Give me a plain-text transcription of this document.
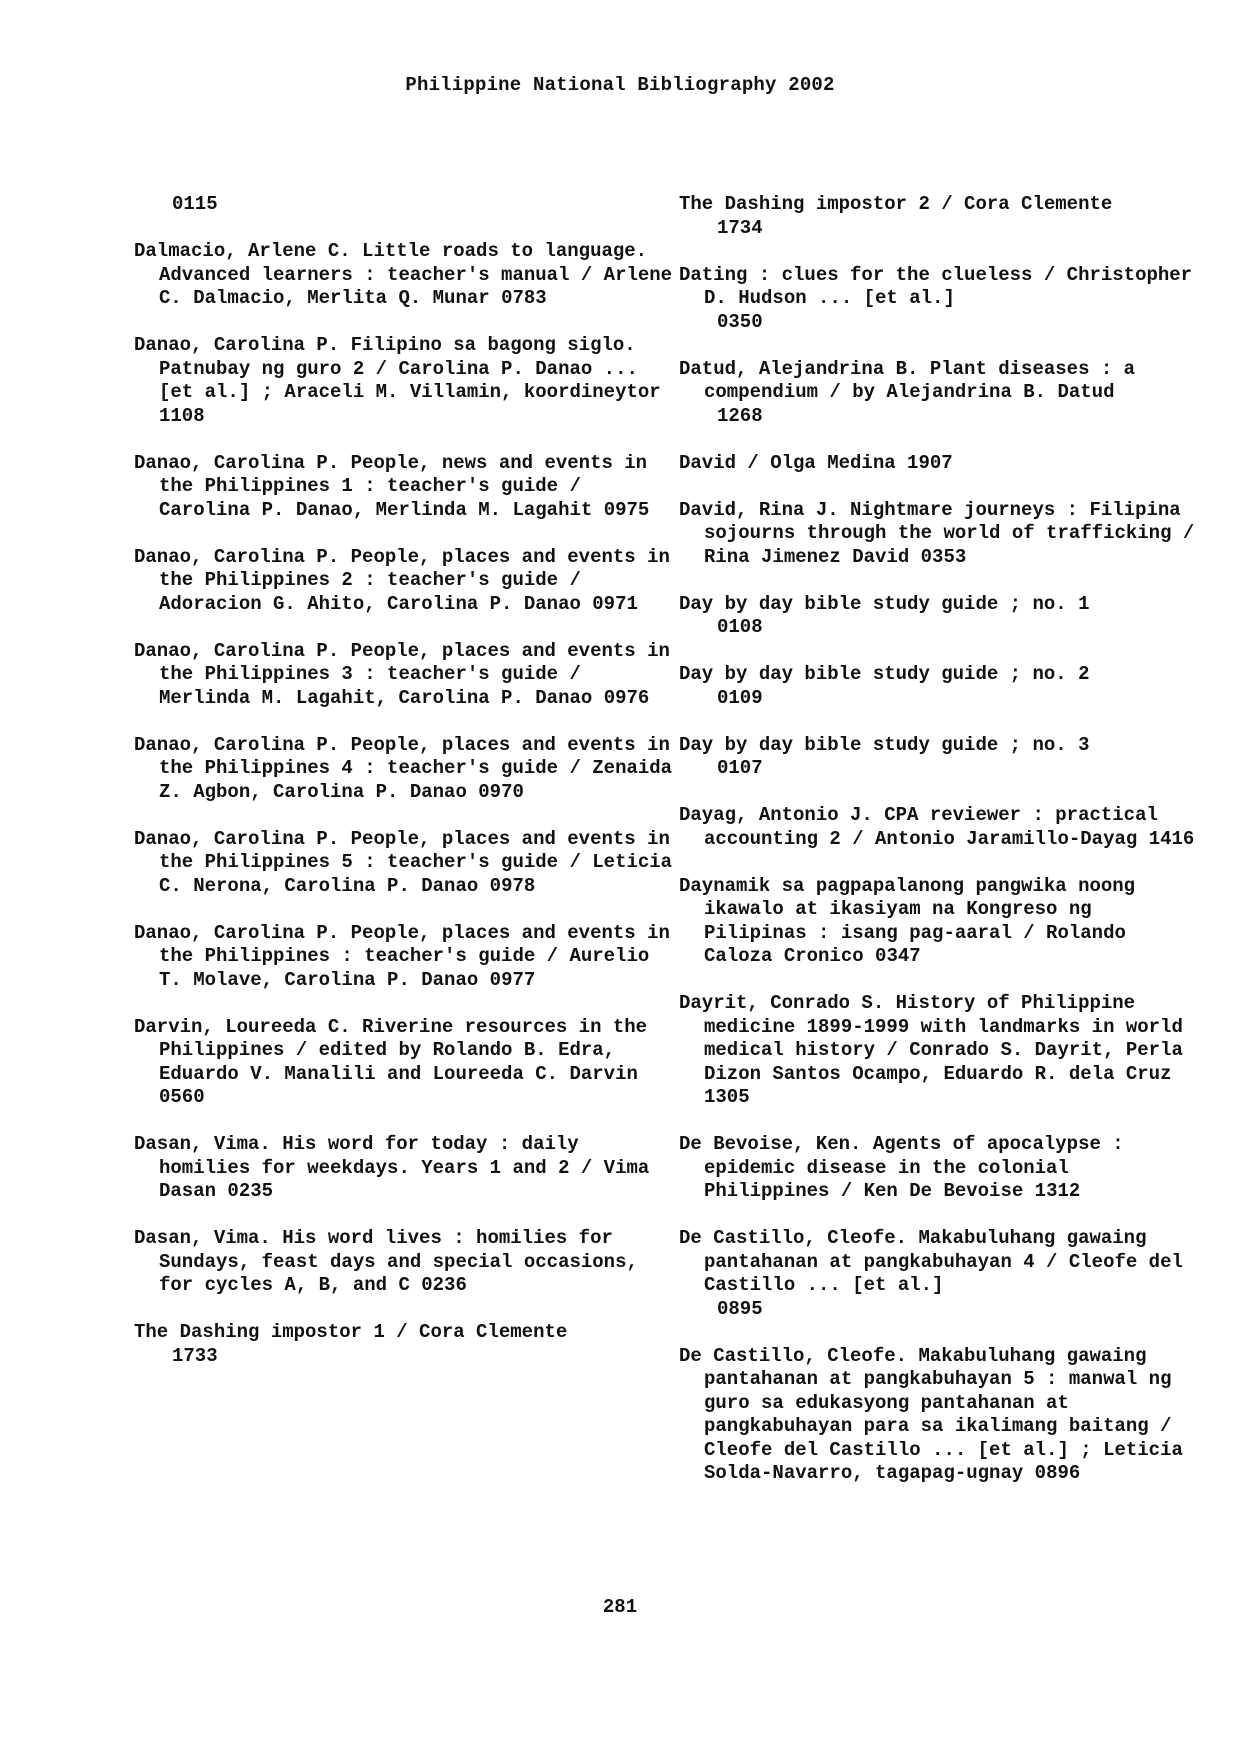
Philippine National Bibliography 2002
0115
Dalmacio, Arlene C. Little roads to language. Advanced learners : teacher's manual / Arlene C. Dalmacio, Merlita Q. Munar 0783
Danao, Carolina P. Filipino sa bagong siglo. Patnubay ng guro 2 / Carolina P. Danao ... [et al.] ; Araceli M. Villamin, koordineytor 1108
Danao, Carolina P. People, news and events in the Philippines 1 : teacher's guide / Carolina P. Danao, Merlinda M. Lagahit 0975
Danao, Carolina P. People, places and events in the Philippines 2 : teacher's guide / Adoracion G. Ahito, Carolina P. Danao 0971
Danao, Carolina P. People, places and events in the Philippines 3 : teacher's guide / Merlinda M. Lagahit, Carolina P. Danao 0976
Danao, Carolina P. People, places and events in the Philippines 4 : teacher's guide / Zenaida Z. Agbon, Carolina P. Danao 0970
Danao, Carolina P. People, places and events in the Philippines 5 : teacher's guide / Leticia C. Nerona, Carolina P. Danao 0978
Danao, Carolina P. People, places and events in the Philippines : teacher's guide / Aurelio T. Molave, Carolina P. Danao 0977
Darvin, Loureeda C. Riverine resources in the Philippines / edited by Rolando B. Edra, Eduardo V. Manalili and Loureeda C. Darvin 0560
Dasan, Vima. His word for today : daily homilies for weekdays. Years 1 and 2 / Vima Dasan 0235
Dasan, Vima. His word lives : homilies for Sundays, feast days and special occasions, for cycles A, B, and C 0236
The Dashing impostor 1 / Cora Clemente
1733
The Dashing impostor 2 / Cora Clemente
1734
Dating : clues for the clueless / Christopher D. Hudson ... [et al.]
0350
Datud, Alejandrina B. Plant diseases : a compendium / by Alejandrina B. Datud
1268
David / Olga Medina 1907
David, Rina J. Nightmare journeys : Filipina sojourns through the world of trafficking / Rina Jimenez David 0353
Day by day bible study guide ; no. 1
0108
Day by day bible study guide ; no. 2
0109
Day by day bible study guide ; no. 3
0107
Dayag, Antonio J. CPA reviewer : practical accounting 2 / Antonio Jaramillo-Dayag 1416
Daynamik sa pagpapalanong pangwika noong ikawalo at ikasiyam na Kongreso ng Pilipinas : isang pag-aaral / Rolando Caloza Cronico 0347
Dayrit, Conrado S. History of Philippine medicine 1899-1999 with landmarks in world medical history / Conrado S. Dayrit, Perla Dizon Santos Ocampo, Eduardo R. dela Cruz 1305
De Bevoise, Ken. Agents of apocalypse : epidemic disease in the colonial Philippines / Ken De Bevoise 1312
De Castillo, Cleofe. Makabuluhang gawaing pantahanan at pangkabuhayan 4 / Cleofe del Castillo ... [et al.]
0895
De Castillo, Cleofe. Makabuluhang gawaing pantahanan at pangkabuhayan 5 : manwal ng guro sa edukasyong pantahanan at pangkabuhayan para sa ikalimang baitang / Cleofe del Castillo ... [et al.] ; Leticia Solda-Navarro, tagapag-ugnay 0896
281
